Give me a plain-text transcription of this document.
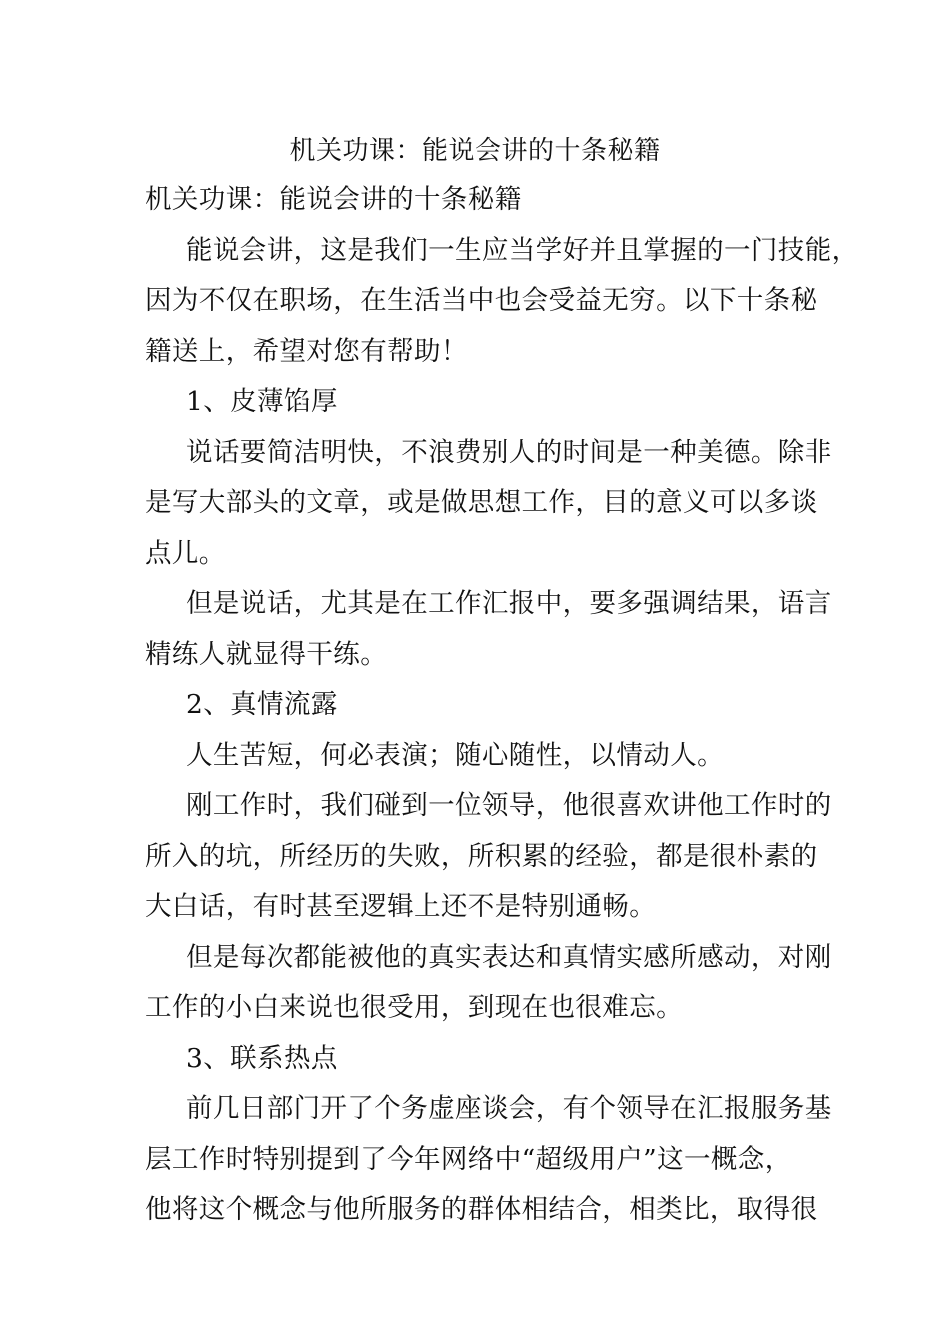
机关功课：能说会讲的十条秘籍
机关功课：能说会讲的十条秘籍
能说会讲，这是我们一生应当学好并且掌握的一门技能，
因为不仅在职场，在生活当中也会受益无穷。以下十条秘
籍送上，希望对您有帮助！
1、皮薄馅厚
说话要简洁明快，不浪费别人的时间是一种美德。除非
是写大部头的文章，或是做思想工作，目的意义可以多谈
点儿。
但是说话，尤其是在工作汇报中，要多强调结果，语言
精练人就显得干练。
2、真情流露
人生苦短，何必表演；随心随性，以情动人。
刚工作时，我们碰到一位领导，他很喜欢讲他工作时的
所入的坑，所经历的失败，所积累的经验，都是很朴素的
大白话，有时甚至逻辑上还不是特别通畅。
但是每次都能被他的真实表达和真情实感所感动，对刚
工作的小白来说也很受用，到现在也很难忘。
3、联系热点
前几日部门开了个务虚座谈会，有个领导在汇报服务基
层工作时特别提到了今年网络中“超级用户”这一概念，
他将这个概念与他所服务的群体相结合，相类比，取得很
